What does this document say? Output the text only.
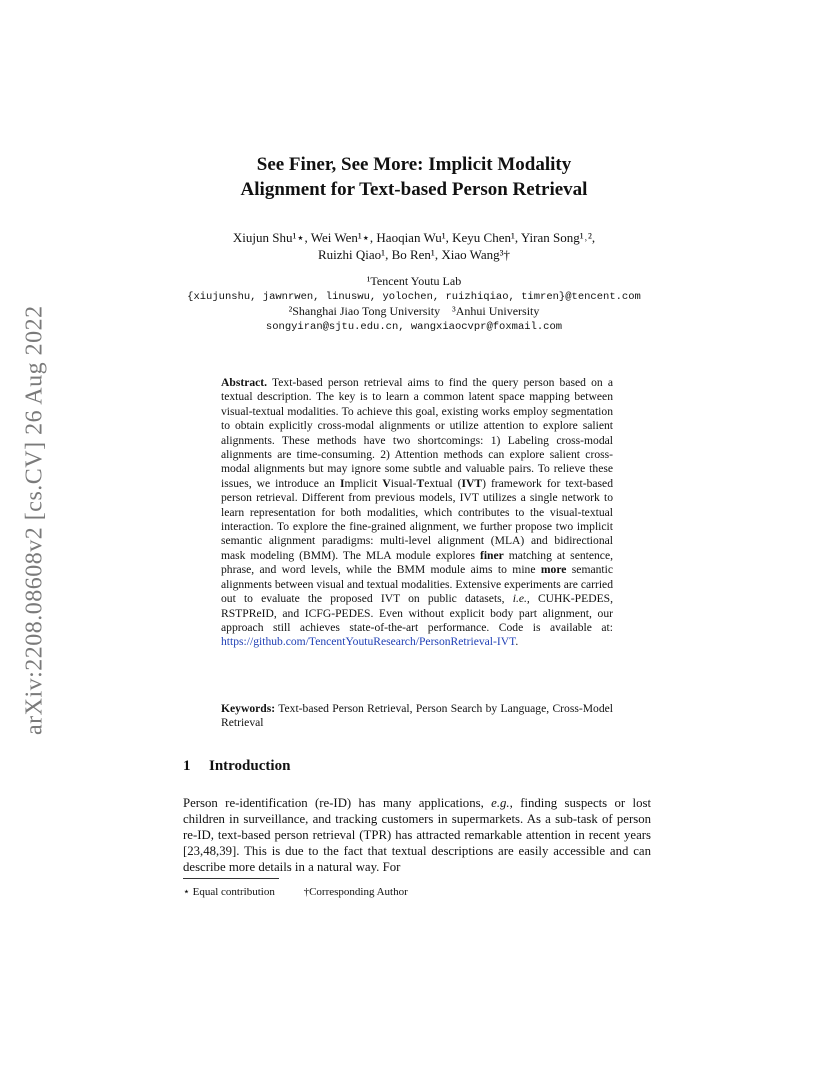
arXiv:2208.08608v2 [cs.CV] 26 Aug 2022
See Finer, See More: Implicit Modality
Alignment for Text-based Person Retrieval
Xiujun Shu¹⋆, Wei Wen¹⋆, Haoqian Wu¹, Keyu Chen¹, Yiran Song¹˒²,
Ruizhi Qiao¹, Bo Ren¹, Xiao Wang³†
¹Tencent Youtu Lab
{xiujunshu, jawnrwen, linuswu, yolochen, ruizhiqiao, timren}@tencent.com
²Shanghai Jiao Tong University    ³Anhui University
songyiran@sjtu.edu.cn, wangxiaocvpr@foxmail.com
Abstract. Text-based person retrieval aims to find the query person based on a textual description. The key is to learn a common latent space mapping between visual-textual modalities. To achieve this goal, existing works employ segmentation to obtain explicitly cross-modal alignments or utilize attention to explore salient alignments. These methods have two shortcomings: 1) Labeling cross-modal alignments are time-consuming. 2) Attention methods can explore salient cross-modal alignments but may ignore some subtle and valuable pairs. To relieve these issues, we introduce an Implicit Visual-Textual (IVT) framework for text-based person retrieval. Different from previous models, IVT utilizes a single network to learn representation for both modalities, which contributes to the visual-textual interaction. To explore the fine-grained alignment, we further propose two implicit semantic alignment paradigms: multi-level alignment (MLA) and bidirectional mask modeling (BMM). The MLA module explores finer matching at sentence, phrase, and word levels, while the BMM module aims to mine more semantic alignments between visual and textual modalities. Extensive experiments are carried out to evaluate the proposed IVT on public datasets, i.e., CUHK-PEDES, RSTPReID, and ICFG-PEDES. Even without explicit body part alignment, our approach still achieves state-of-the-art performance. Code is available at: https://github.com/TencentYoutuResearch/PersonRetrieval-IVT.
Keywords: Text-based Person Retrieval, Person Search by Language, Cross-Model Retrieval
1 Introduction
Person re-identification (re-ID) has many applications, e.g., finding suspects or lost children in surveillance, and tracking customers in supermarkets. As a sub-task of person re-ID, text-based person retrieval (TPR) has attracted remarkable attention in recent years [23,48,39]. This is due to the fact that textual descriptions are easily accessible and can describe more details in a natural way. For
⋆ Equal contribution	†Corresponding Author
